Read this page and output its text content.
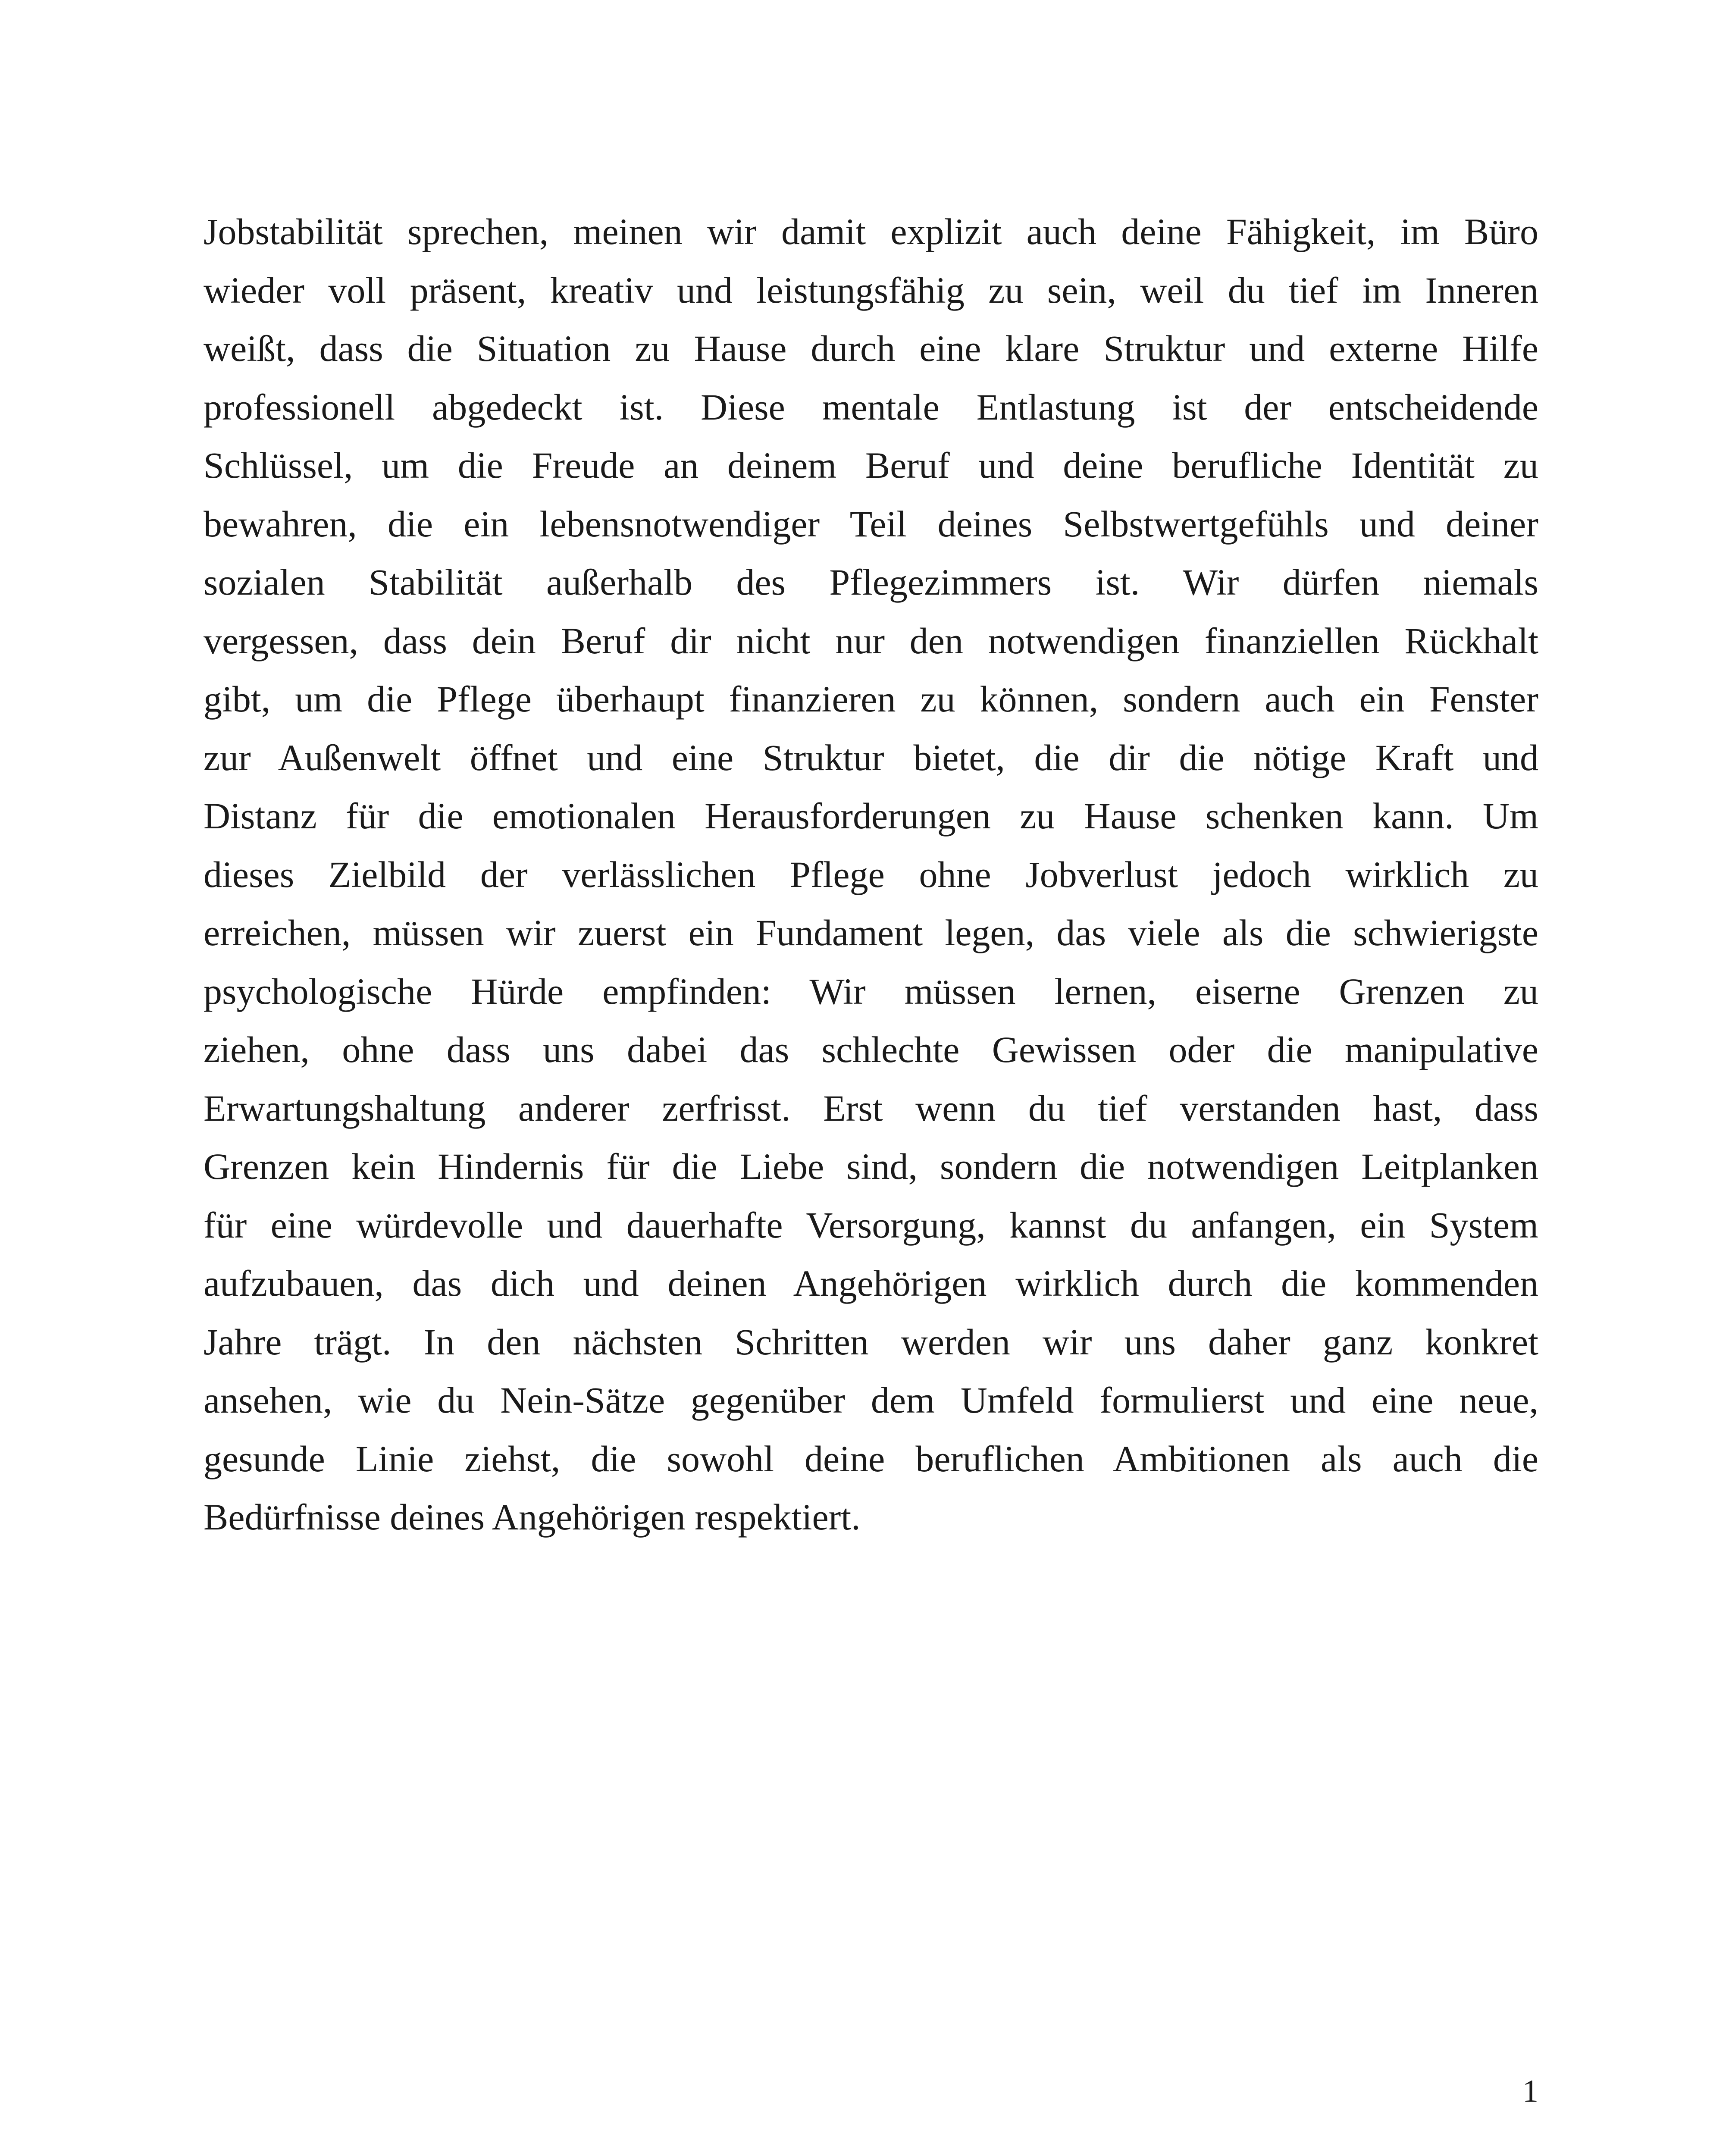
Jobstabilität sprechen, meinen wir damit explizit auch deine Fähigkeit, im Büro
wieder voll präsent, kreativ und leistungsfähig zu sein, weil du tief im Inneren
weißt, dass die Situation zu Hause durch eine klare Struktur und externe Hilfe
professionell abgedeckt ist. Diese mentale Entlastung ist der entscheidende
Schlüssel, um die Freude an deinem Beruf und deine berufliche Identität zu
bewahren, die ein lebensnotwendiger Teil deines Selbstwertgefühls und deiner
sozialen Stabilität außerhalb des Pflegezimmers ist. Wir dürfen niemals
vergessen, dass dein Beruf dir nicht nur den notwendigen finanziellen Rückhalt
gibt, um die Pflege überhaupt finanzieren zu können, sondern auch ein Fenster
zur Außenwelt öffnet und eine Struktur bietet, die dir die nötige Kraft und
Distanz für die emotionalen Herausforderungen zu Hause schenken kann. Um
dieses Zielbild der verlässlichen Pflege ohne Jobverlust jedoch wirklich zu
erreichen, müssen wir zuerst ein Fundament legen, das viele als die schwierigste
psychologische Hürde empfinden: Wir müssen lernen, eiserne Grenzen zu
ziehen, ohne dass uns dabei das schlechte Gewissen oder die manipulative
Erwartungshaltung anderer zerfrisst. Erst wenn du tief verstanden hast, dass
Grenzen kein Hindernis für die Liebe sind, sondern die notwendigen Leitplanken
für eine würdevolle und dauerhafte Versorgung, kannst du anfangen, ein System
aufzubauen, das dich und deinen Angehörigen wirklich durch die kommenden
Jahre trägt. In den nächsten Schritten werden wir uns daher ganz konkret
ansehen, wie du Nein-Sätze gegenüber dem Umfeld formulierst und eine neue,
gesunde Linie ziehst, die sowohl deine beruflichen Ambitionen als auch die
Bedürfnisse deines Angehörigen respektiert.
1
